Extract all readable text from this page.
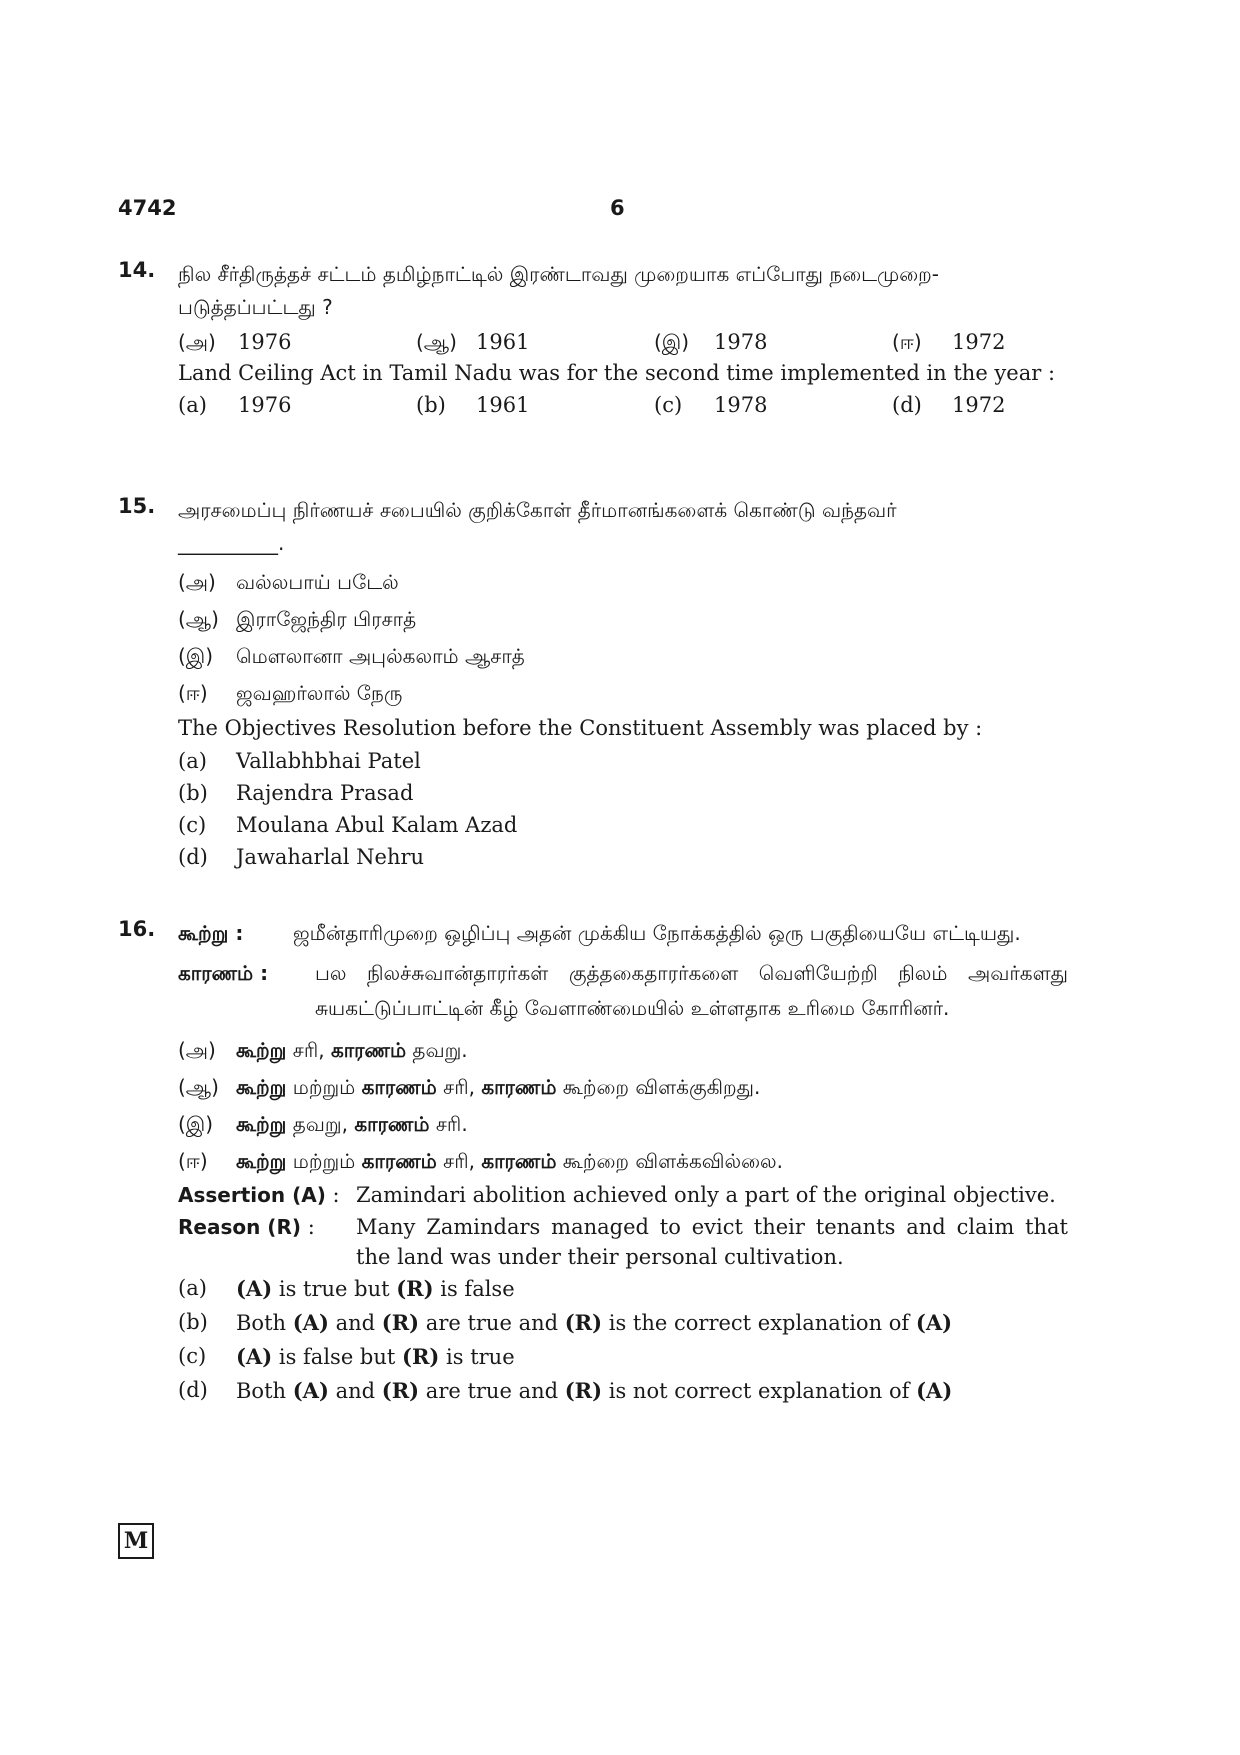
4742	6
14. நில சீர்திருத்தச் சட்டம் தமிழ்நாட்டில் இரண்டாவது முறையாக எப்போது நடைமுறை-
படுத்தப்பட்டது ?
(அ) 1976	(ஆ) 1961	(இ) 1978	(ஈ) 1972
Land Ceiling Act in Tamil Nadu was for the second time implemented in the year :
(a) 1976	(b) 1961	(c) 1978	(d) 1972
15. அரசமைப்பு நிர்ணயச் சபையில் குறிக்கோள் தீர்மானங்களைக் கொண்டு வந்தவர்
__________.
(அ)	வல்லபாய் படேல்
(ஆ) இராஜேந்திர பிரசாத்
(இ)	மௌலானா அபுல்கலாம் ஆசாத்
(ஈ)	ஜவஹர்லால் நேரு
The Objectives Resolution before the Constituent Assembly was placed by :
(a)	Vallabhbhai Patel
(b)	Rajendra Prasad
(c)	Moulana Abul Kalam Azad
(d)	Jawaharlal Nehru
16. கூற்று :	ஜமீன்தாரிமுறை ஒழிப்பு அதன் முக்கிய நோக்கத்தில் ஒரு பகுதியையே எட்டியது.
காரணம் :	பல நிலச்சுவான்தாரர்கள் குத்தகைதாரர்களை வெளியேற்றி நிலம் அவர்களது சுயகட்டுப்பாட்டின் கீழ் வேளாண்மையில் உள்ளதாக உரிமை கோரினர்.
(அ)	கூற்று சரி, காரணம் தவறு.
(ஆ) கூற்று மற்றும் காரணம் சரி, காரணம் கூற்றை விளக்குகிறது.
(இ)	கூற்று தவறு, காரணம் சரி.
(ஈ)	கூற்று மற்றும் காரணம் சரி, காரணம் கூற்றை விளக்கவில்லை.
Assertion (A) : Zamindari abolition achieved only a part of the original objective.
Reason (R) :	Many Zamindars managed to evict their tenants and claim that the land was under their personal cultivation.
(a)	(A) is true but (R) is false
(b)	Both (A) and (R) are true and (R) is the correct explanation of (A)
(c)	(A) is false but (R) is true
(d)	Both (A) and (R) are true and (R) is not correct explanation of (A)
M
